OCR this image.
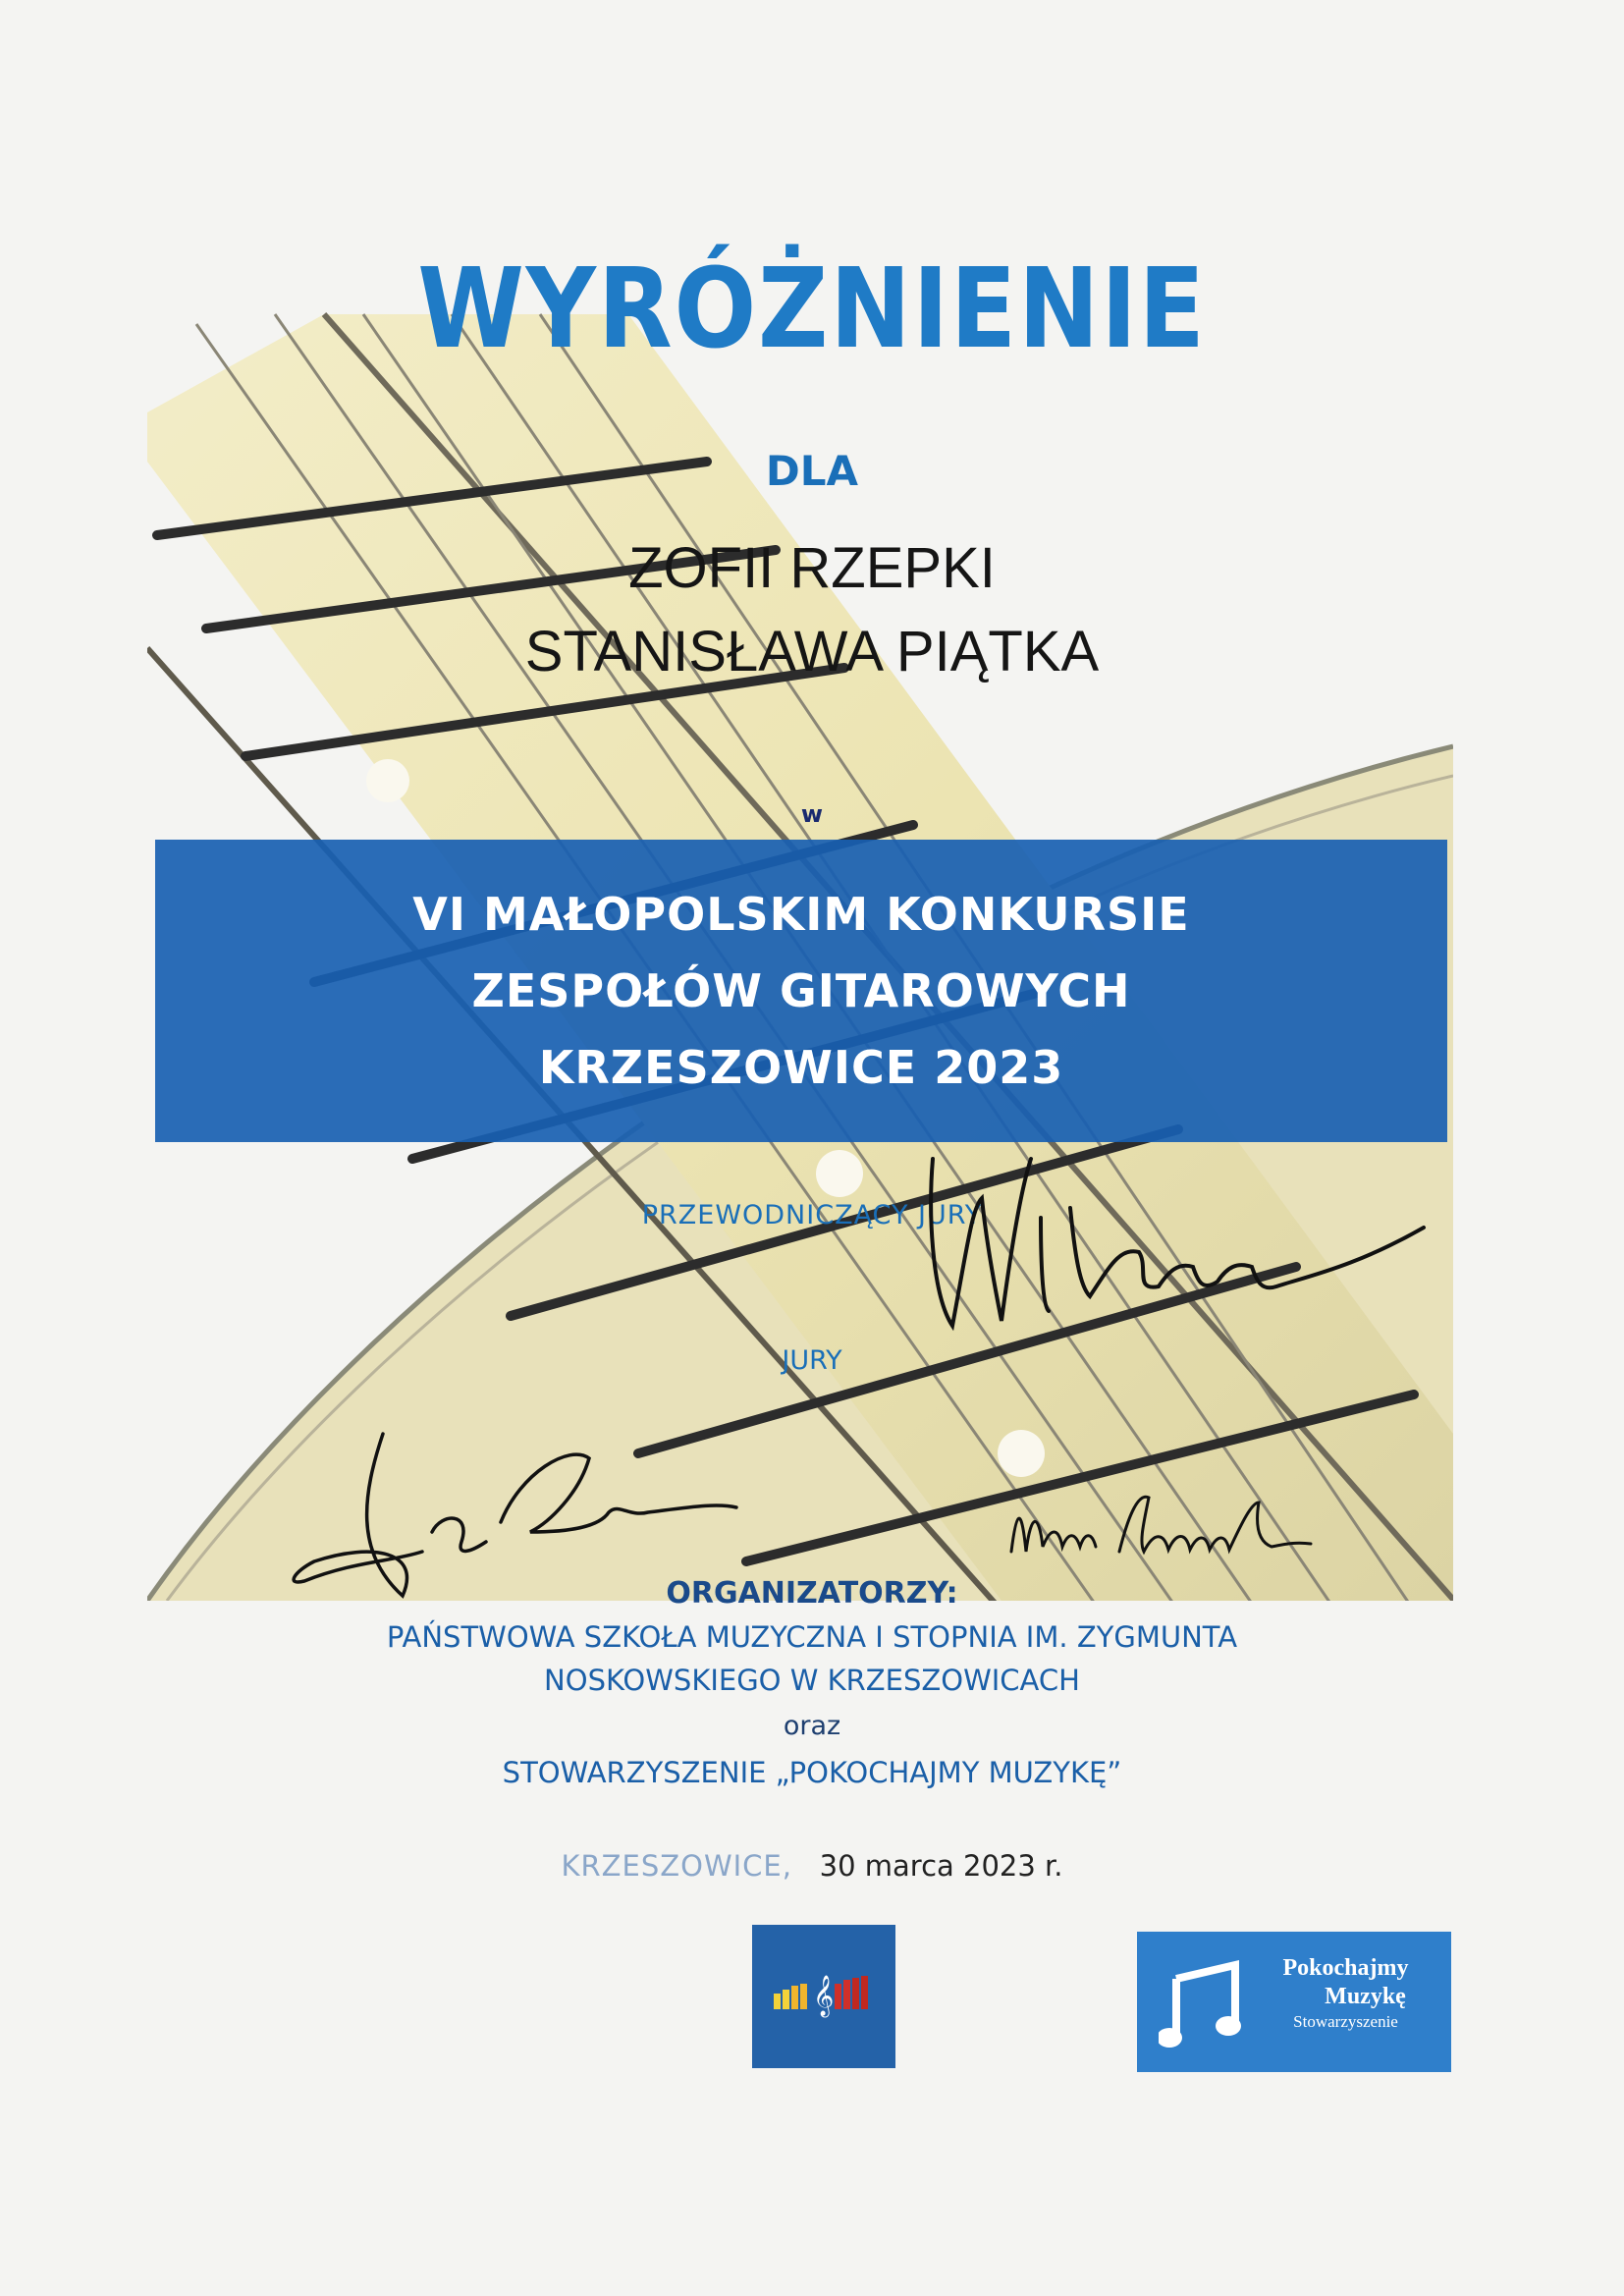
WYRÓŻNIENIE
DLA
ZOFII RZEPKI
STANISŁAWA PIĄTKA
w
VI MAŁOPOLSKIM KONKURSIE
ZESPOŁÓW GITAROWYCH
KRZESZOWICE 2023
PRZEWODNICZĄCY JURY
JURY
ORGANIZATORZY:
PAŃSTWOWA SZKOŁA MUZYCZNA I STOPNIA IM. ZYGMUNTA
NOSKOWSKIEGO W KRZESZOWICACH
oraz
STOWARZYSZENIE „POKOCHAJMY MUZYKĘ”
KRZESZOWICE, 30 marca 2023 r.
𝄞
Pokochajmy
Muzykę
Stowarzyszenie
